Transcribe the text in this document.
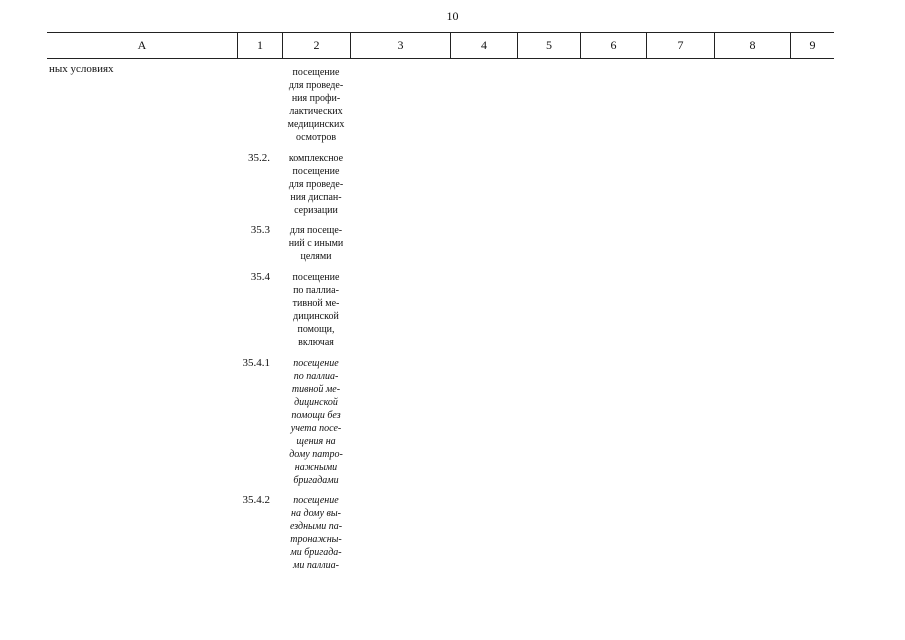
10
А	1	2	3	4	5	6	7	8	9
ных условиях	посещение
для проведе-
ния профи-
лактических
медицинских
осмотров
35.2.	комплексное
посещение
для проведе-
ния диспан-
серизации
35.3	для посеще-
ний с иными
целями
35.4	посещение
по паллиа-
тивной ме-
дицинской
помощи,
включая
35.4.1	посещение
по паллиа-
тивной ме-
дицинской
помощи без
учета посе-
щения на
дому патро-
нажными
бригадами
35.4.2	посещение
на дому вы-
ездными па-
тронажны-
ми бригада-
ми паллиа-
